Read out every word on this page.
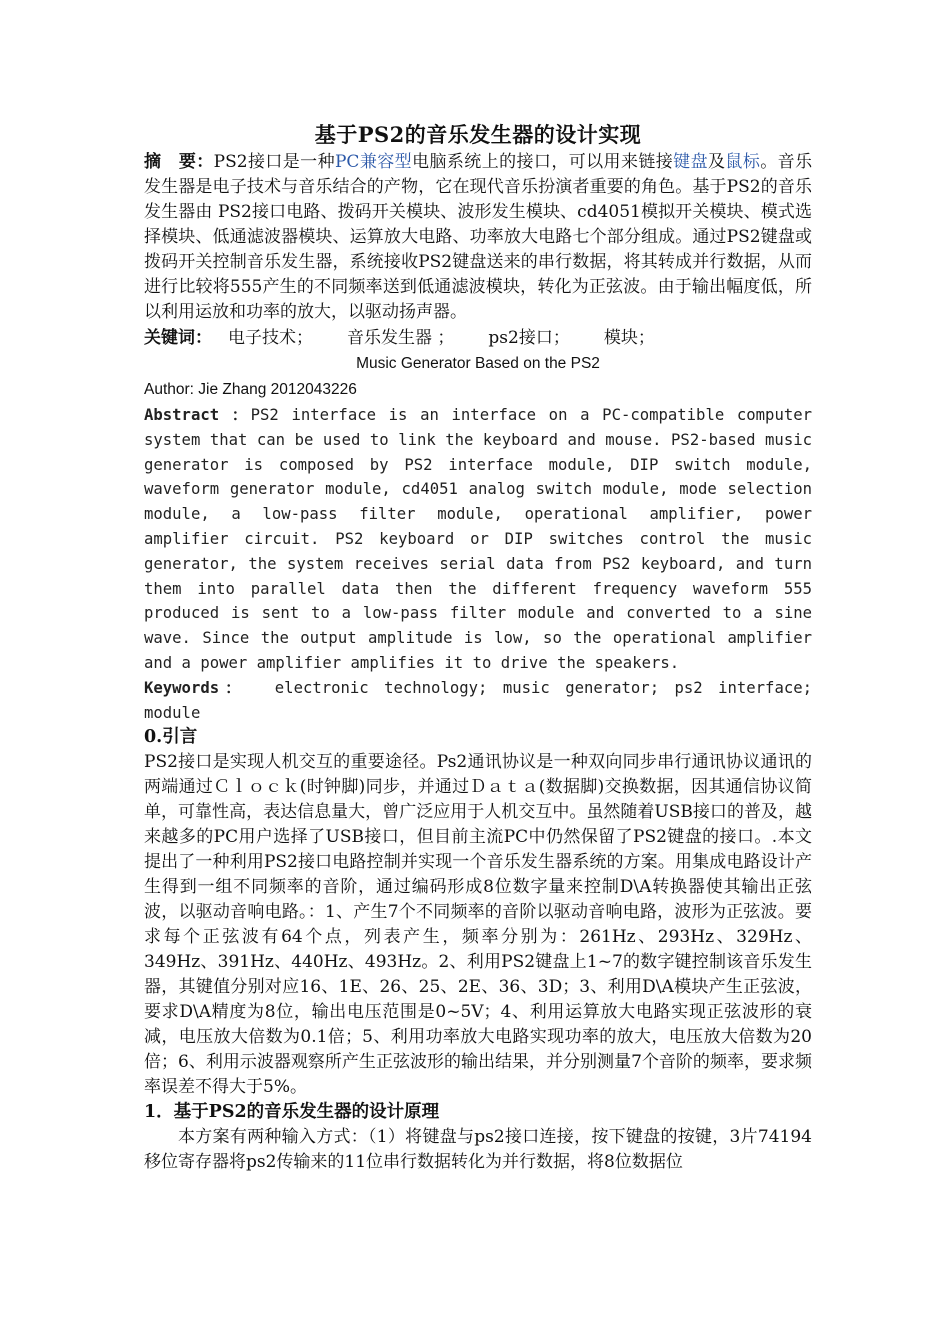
基于PS2的音乐发生器的设计实现

摘　要：PS2接口是一种PC兼容型电脑系统上的接口，可以用来链接键盘及鼠标。音乐发生器是电子技术与音乐结合的产物，它在现代音乐扮演者重要的角色。基于PS2的音乐发生器由 PS2接口电路、拨码开关模块、波形发生模块、cd4051模拟开关模块、模式选择模块、低通滤波器模块、运算放大电路、功率放大电路七个部分组成。通过PS2键盘或拨码开关控制音乐发生器，系统接收PS2键盘送来的串行数据，将其转成并行数据，从而进行比较将555产生的不同频率送到低通滤波模块，转化为正弦波。由于输出幅度低，所以利用运放和功率的放大，以驱动扬声器。

关键词： 电子技术； 音乐发生器 ； ps2接口； 模块；

Music Generator Based on the PS2

Author: Jie Zhang 2012043226

Abstract ：PS2 interface is an interface on a PC-compatible computer system that can be used to link the keyboard and mouse. PS2-based music generator is composed by PS2 interface module, DIP switch module, waveform generator module, cd4051 analog switch module, mode selection module, a low-pass filter module, operational amplifier, power amplifier circuit. PS2 keyboard or DIP switches control the music generator, the system receives serial data from PS2 keyboard, and turn them into parallel data then the different frequency waveform 555 produced is sent to a low-pass filter module and converted to a sine wave. Since the output amplitude is low, so the operational amplifier and a power amplifier amplifies it to drive the speakers.

Keywords： electronic technology; music generator; ps2 interface; module

0.引言

PS2接口是实现人机交互的重要途径。Ps2通讯协议是一种双向同步串行通讯协议通讯的两端通过Ｃｌｏｃｋ(时钟脚)同步，并通过Ｄａｔａ(数据脚)交换数据，因其通信协议简单，可靠性高，表达信息量大，曾广泛应用于人机交互中。虽然随着USB接口的普及，越来越多的PC用户选择了USB接口，但目前主流PC中仍然保留了PS2键盘的接口。.本文提出了一种利用PS2接口电路控制并实现一个音乐发生器系统的方案。用集成电路设计产生得到一组不同频率的音阶，通过编码形成8位数字量来控制D\A转换器使其输出正弦波，以驱动音响电路。：1、产生7个不同频率的音阶以驱动音响电路，波形为正弦波。要求每个正弦波有64个点，列表产生，频率分别为：261Hz、293Hz、329Hz、349Hz、391Hz、440Hz、493Hz。2、利用PS2键盘上1~7的数字键控制该音乐发生器，其键值分别对应16、1E、26、25、2E、36、3D；3、利用D\A模块产生正弦波，要求D\A精度为8位，输出电压范围是0~5V；4、利用运算放大电路实现正弦波形的衰减，电压放大倍数为0.1倍；5、利用功率放大电路实现功率的放大，电压放大倍数为20倍；6、利用示波器观察所产生正弦波形的输出结果，并分别测量7个音阶的频率，要求频率误差不得大于5%。

1．基于PS2的音乐发生器的设计原理

本方案有两种输入方式：（1）将键盘与ps2接口连接，按下键盘的按键，3片74194移位寄存器将ps2传输来的11位串行数据转化为并行数据，将8位数据位
